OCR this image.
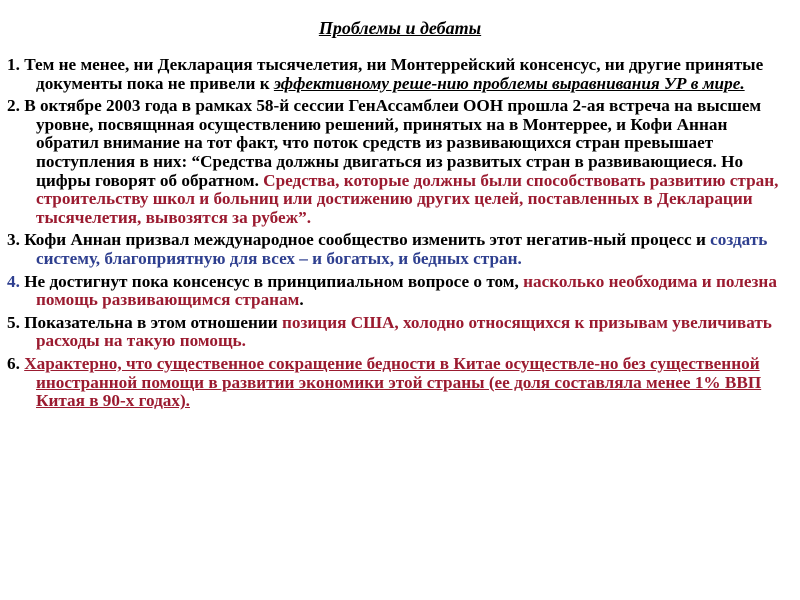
Проблемы и дебаты

1. Тем не менее, ни Декларация тысячелетия, ни Монтеррейский консенсус, ни другие принятые документы пока не привели к эффективному реше-нию проблемы выравнивания УР в мире.

2. В октябре 2003 года в рамках 58-й сессии ГенАссамблеи ООН прошла 2-ая встреча на высшем уровне, посвящнная осуществлению решений, принятых на в Монтеррее, и Кофи Аннан обратил внимание на тот факт, что поток средств из развивающихся стран превышает поступления в них: “Средства должны двигаться из развитых стран в развивающиеся. Но цифры говорят об обратном. Средства, которые должны были способствовать развитию стран, строительству школ и больниц или достижению других целей, поставленных в Декларации тысячелетия, вывозятся за рубеж”.

3. Кофи Аннан призвал международное сообщество изменить этот негатив-ный процесс и создать систему, благоприятную для всех – и богатых, и бедных стран.

4. Не достигнут пока консенсус в принципиальном вопросе о том, насколько необходима и полезна помощь развивающимся странам.

5. Показательна в этом отношении позиция США, холодно относящихся к призывам увеличивать расходы на такую помощь.

6. Характерно, что существенное сокращение бедности в Китае осуществле-но без существенной иностранной помощи в развитии экономики этой страны (ее доля составляла менее 1% ВВП Китая в 90-х годах).
